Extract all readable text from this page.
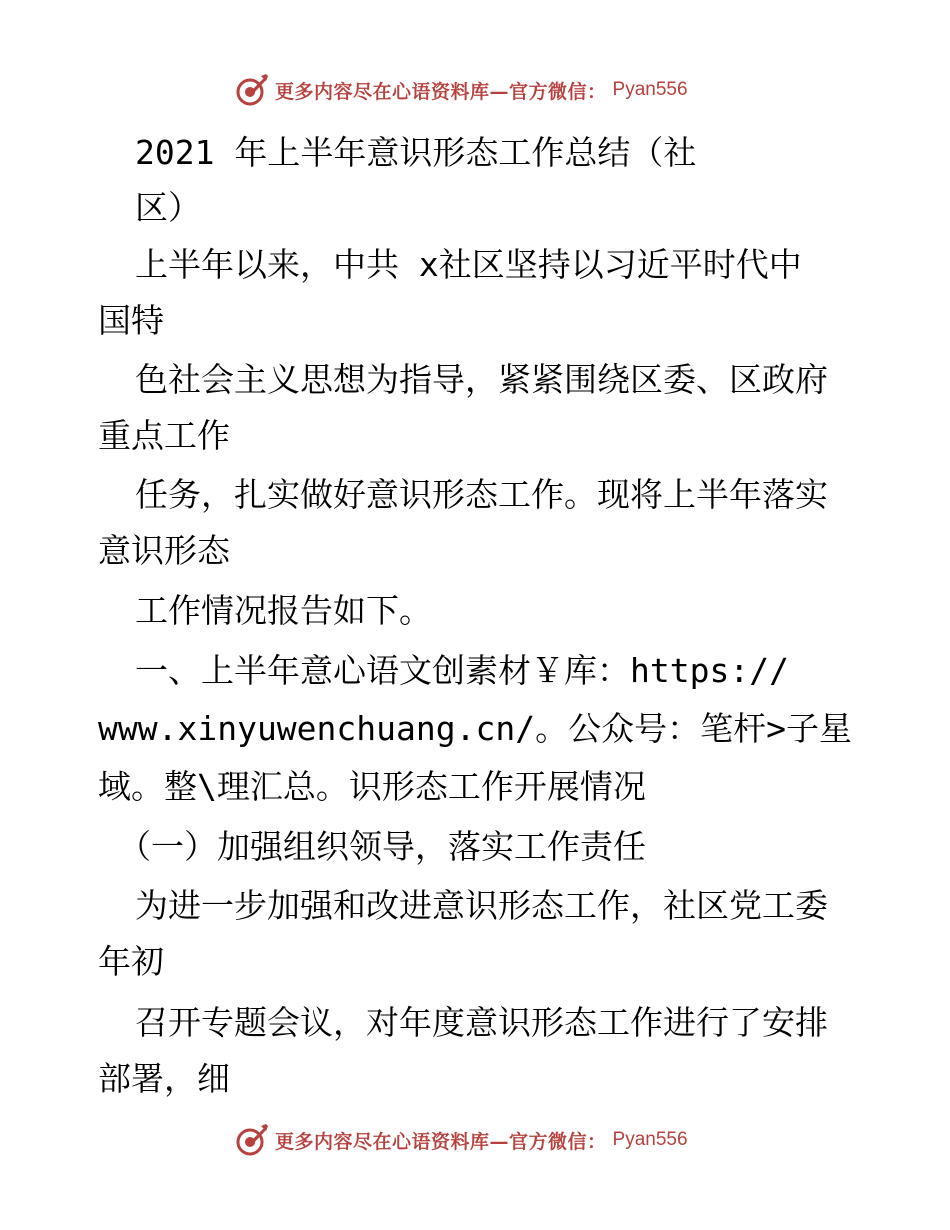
更多内容尽在心语资料库—官方微信： Pyan556
2021 年上半年意识形态工作总结（社
区）
上半年以来，中共 x社区坚持以习近平时代中
国特
色社会主义思想为指导，紧紧围绕区委、区政府
重点工作
任务，扎实做好意识形态工作。现将上半年落实
意识形态
工作情况报告如下。
一、上半年意心语文创素材￥库：https://
www.xinyuwenchuang.cn/。公众号：笔杆>子星
域。整\理汇总。识形态工作开展情况
（一）加强组织领导，落实工作责任
为进一步加强和改进意识形态工作，社区党工委
年初
召开专题会议，对年度意识形态工作进行了安排
部署，细
更多内容尽在心语资料库—官方微信： Pyan556
